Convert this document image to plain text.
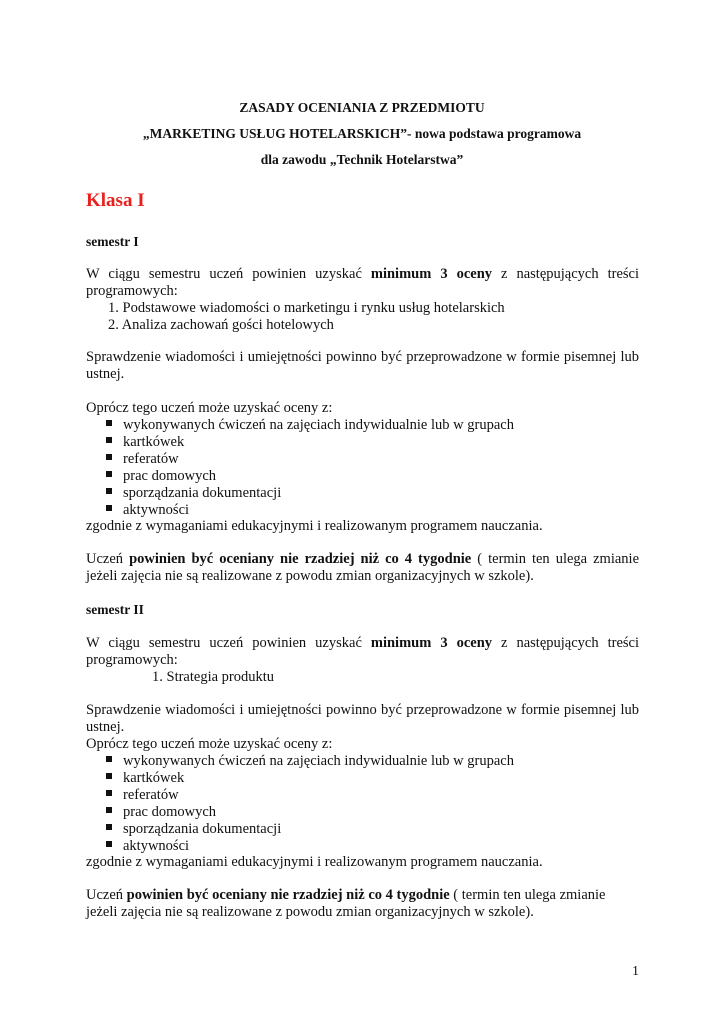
ZASADY OCENIANIA Z PRZEDMIOTU
„MARKETING USŁUG HOTELARSKICH”- nowa podstawa programowa
dla zawodu „Technik Hotelarstwa”
Klasa I
semestr I
W ciągu semestru uczeń powinien uzyskać minimum 3 oceny z następujących treści
programowych:
1. Podstawowe wiadomości o marketingu i rynku usług hotelarskich
2. Analiza zachowań gości hotelowych
Sprawdzenie wiadomości i umiejętności powinno być przeprowadzone w formie pisemnej lub
ustnej.
Oprócz tego uczeń może uzyskać oceny z:
wykonywanych ćwiczeń na zajęciach indywidualnie lub w grupach
kartkówek
referatów
prac domowych
sporządzania dokumentacji
aktywności
zgodnie z wymaganiami edukacyjnymi i realizowanym programem nauczania.
Uczeń powinien być oceniany nie rzadziej niż co 4 tygodnie ( termin ten ulega zmianie
jeżeli zajęcia nie są realizowane z powodu zmian organizacyjnych w szkole).
semestr II
W ciągu semestru uczeń powinien uzyskać minimum 3 oceny z następujących treści
programowych:
1. Strategia produktu
Sprawdzenie wiadomości i umiejętności powinno być przeprowadzone w formie pisemnej lub
ustnej.
Oprócz tego uczeń może uzyskać oceny z:
wykonywanych ćwiczeń na zajęciach indywidualnie lub w grupach
kartkówek
referatów
prac domowych
sporządzania dokumentacji
aktywności
zgodnie z wymaganiami edukacyjnymi i realizowanym programem nauczania.
Uczeń powinien być oceniany nie rzadziej niż co 4 tygodnie ( termin ten ulega zmianie
jeżeli zajęcia nie są realizowane z powodu zmian organizacyjnych w szkole).
1
